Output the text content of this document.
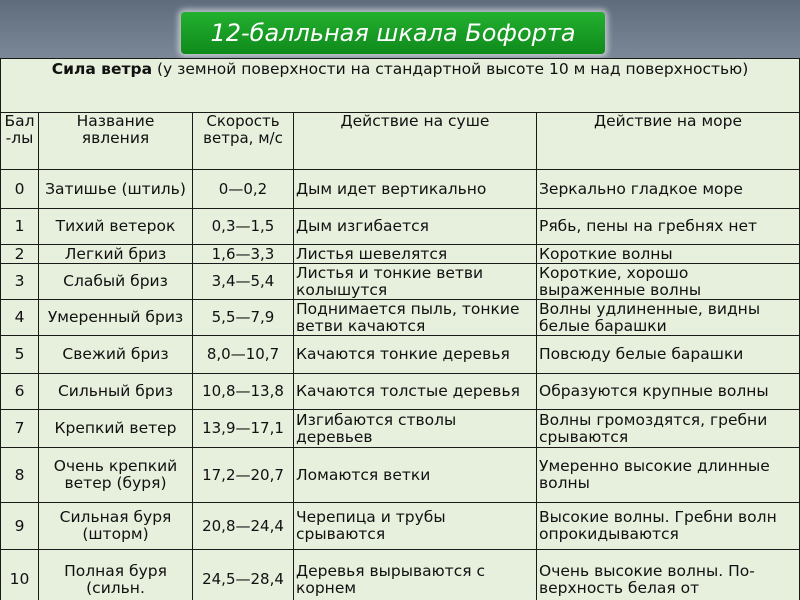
12-балльная шкала Бофорта
Сила ветра (у земной поверхности на стандартной высоте 10 м над поверхностью)				
Бал-лы	Название явления	Скорость ветра, м/с	Действие на суше	Действие на море
0	Затишье (штиль)	0—0,2	Дым идет вертикально	Зеркально гладкое море
1	Тихий ветерок	0,3—1,5	Дым изгибается	Рябь, пены на гребнях нет
2	Легкий бриз	1,6—3,3	Листья шевелятся	Короткие волны
3	Слабый бриз	3,4—5,4	Листья и тонкие ветви колышутся	Короткие, хорошо выраженные волны
4	Умеренный бриз	5,5—7,9	Поднимается пыль, тонкие ветви качаются	Волны удлиненные, видны белые барашки
5	Свежий бриз	8,0—10,7	Качаются тонкие деревья	Повсюду белые барашки
6	Сильный бриз	10,8—13,8	Качаются толстые деревья	Образуются крупные волны
7	Крепкий ветер	13,9—17,1	Изгибаются стволы деревьев	Волны громоздятся, гребни срываются
8	Очень крепкий ветер (буря)	17,2—20,7	Ломаются ветки	Умеренно высокие длинные волны
9	Сильная буря (шторм)	20,8—24,4	Черепица и трубы срываются	Высокие волны. Гребни волн опрокидываются
10	Полная буря (сильн.	24,5—28,4	Деревья вырываются с корнем	Очень высокие волны. По-верхность белая от
